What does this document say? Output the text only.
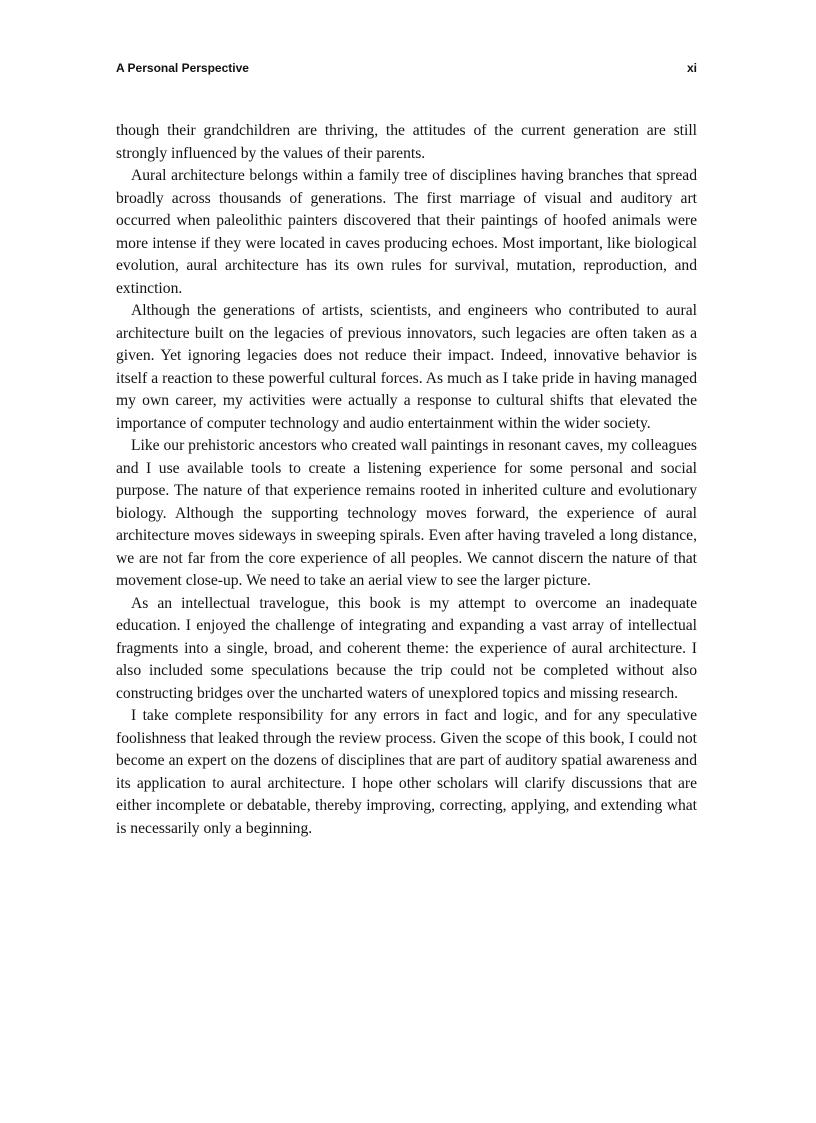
A Personal Perspective	xi

though their grandchildren are thriving, the attitudes of the current generation are still strongly influenced by the values of their parents.

Aural architecture belongs within a family tree of disciplines having branches that spread broadly across thousands of generations. The first marriage of visual and auditory art occurred when paleolithic painters discovered that their paintings of hoofed animals were more intense if they were located in caves producing echoes. Most important, like biological evolution, aural architecture has its own rules for survival, mutation, reproduction, and extinction.

Although the generations of artists, scientists, and engineers who contributed to aural architecture built on the legacies of previous innovators, such legacies are often taken as a given. Yet ignoring legacies does not reduce their impact. Indeed, innovative behavior is itself a reaction to these powerful cultural forces. As much as I take pride in having managed my own career, my activities were actually a response to cultural shifts that elevated the importance of computer technology and audio entertainment within the wider society.

Like our prehistoric ancestors who created wall paintings in resonant caves, my colleagues and I use available tools to create a listening experience for some personal and social purpose. The nature of that experience remains rooted in inherited culture and evolutionary biology. Although the supporting technology moves forward, the experience of aural architecture moves sideways in sweeping spirals. Even after having traveled a long distance, we are not far from the core experience of all peoples. We cannot discern the nature of that movement close-up. We need to take an aerial view to see the larger picture.

As an intellectual travelogue, this book is my attempt to overcome an inadequate education. I enjoyed the challenge of integrating and expanding a vast array of intellectual fragments into a single, broad, and coherent theme: the experience of aural architecture. I also included some speculations because the trip could not be completed without also constructing bridges over the uncharted waters of unexplored topics and missing research.

I take complete responsibility for any errors in fact and logic, and for any speculative foolishness that leaked through the review process. Given the scope of this book, I could not become an expert on the dozens of disciplines that are part of auditory spatial awareness and its application to aural architecture. I hope other scholars will clarify discussions that are either incomplete or debatable, thereby improving, correcting, applying, and extending what is necessarily only a beginning.
